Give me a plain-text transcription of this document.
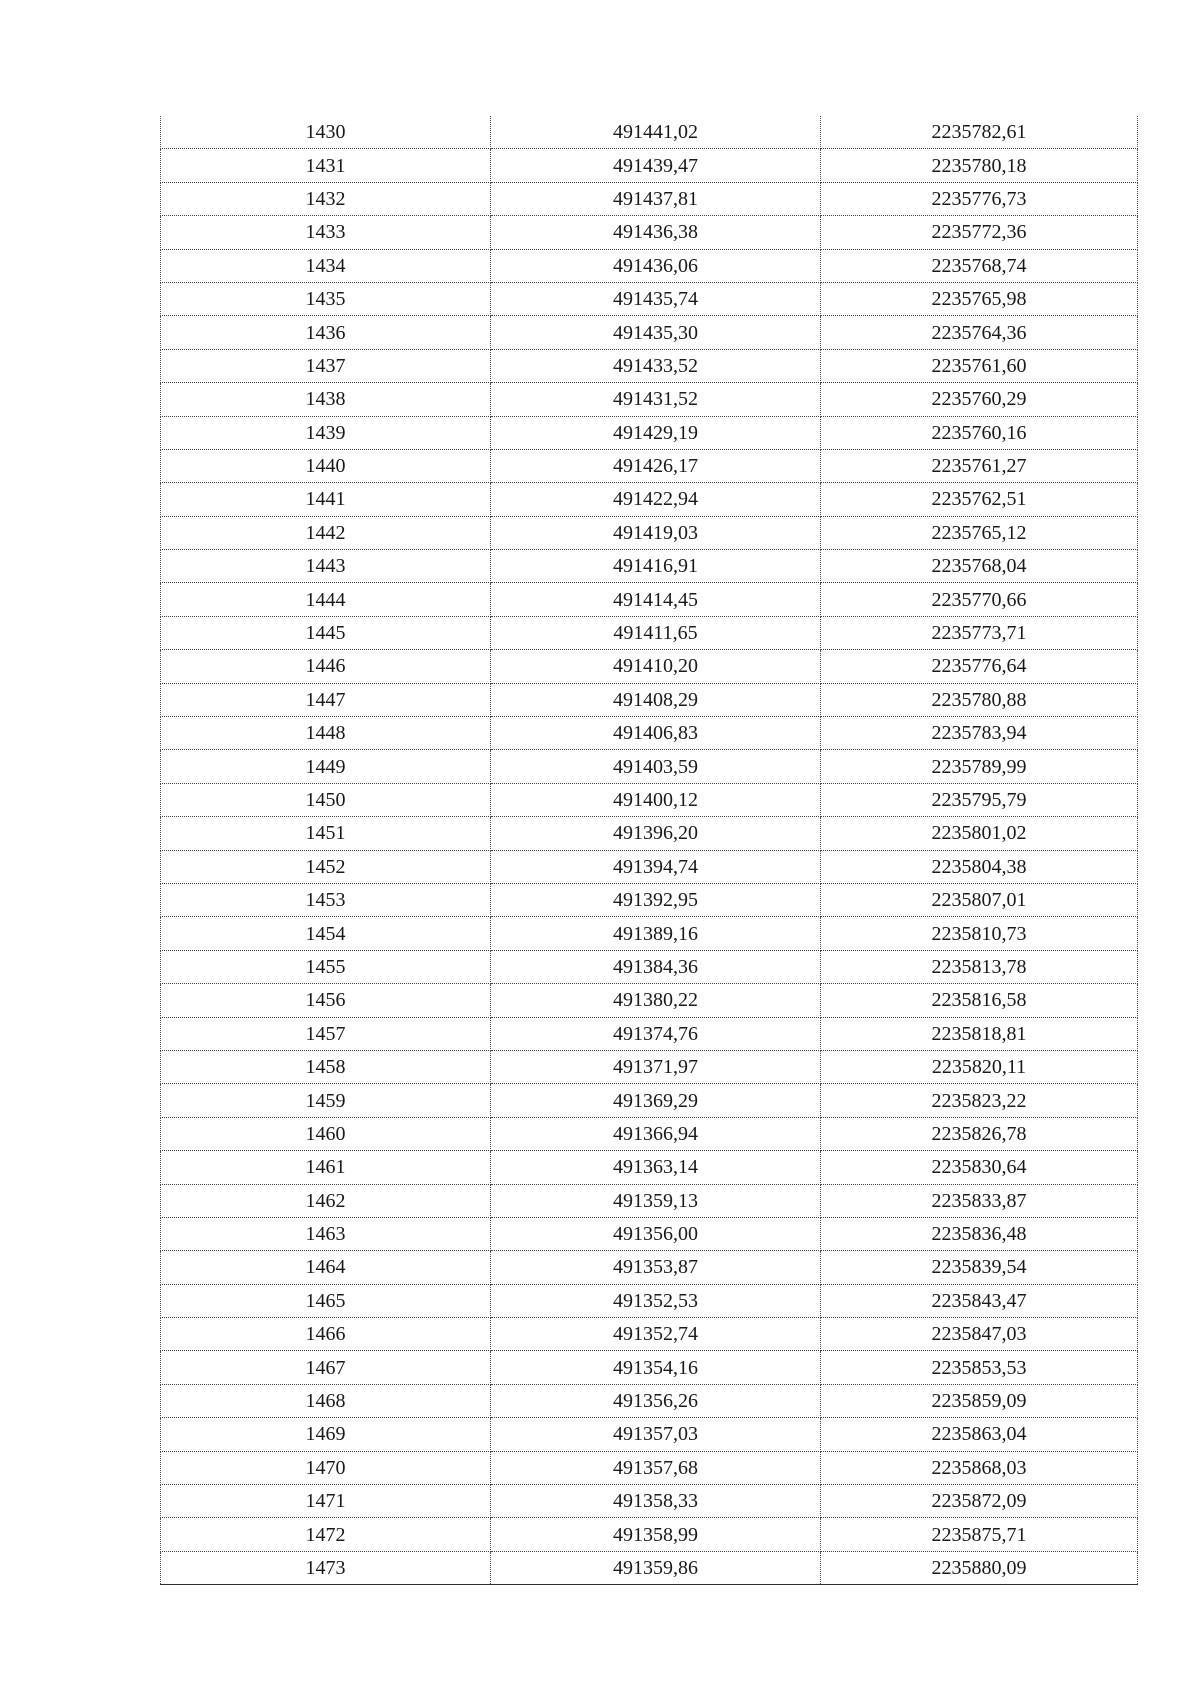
1430	491441,02	2235782,61
1431	491439,47	2235780,18
1432	491437,81	2235776,73
1433	491436,38	2235772,36
1434	491436,06	2235768,74
1435	491435,74	2235765,98
1436	491435,30	2235764,36
1437	491433,52	2235761,60
1438	491431,52	2235760,29
1439	491429,19	2235760,16
1440	491426,17	2235761,27
1441	491422,94	2235762,51
1442	491419,03	2235765,12
1443	491416,91	2235768,04
1444	491414,45	2235770,66
1445	491411,65	2235773,71
1446	491410,20	2235776,64
1447	491408,29	2235780,88
1448	491406,83	2235783,94
1449	491403,59	2235789,99
1450	491400,12	2235795,79
1451	491396,20	2235801,02
1452	491394,74	2235804,38
1453	491392,95	2235807,01
1454	491389,16	2235810,73
1455	491384,36	2235813,78
1456	491380,22	2235816,58
1457	491374,76	2235818,81
1458	491371,97	2235820,11
1459	491369,29	2235823,22
1460	491366,94	2235826,78
1461	491363,14	2235830,64
1462	491359,13	2235833,87
1463	491356,00	2235836,48
1464	491353,87	2235839,54
1465	491352,53	2235843,47
1466	491352,74	2235847,03
1467	491354,16	2235853,53
1468	491356,26	2235859,09
1469	491357,03	2235863,04
1470	491357,68	2235868,03
1471	491358,33	2235872,09
1472	491358,99	2235875,71
1473	491359,86	2235880,09
